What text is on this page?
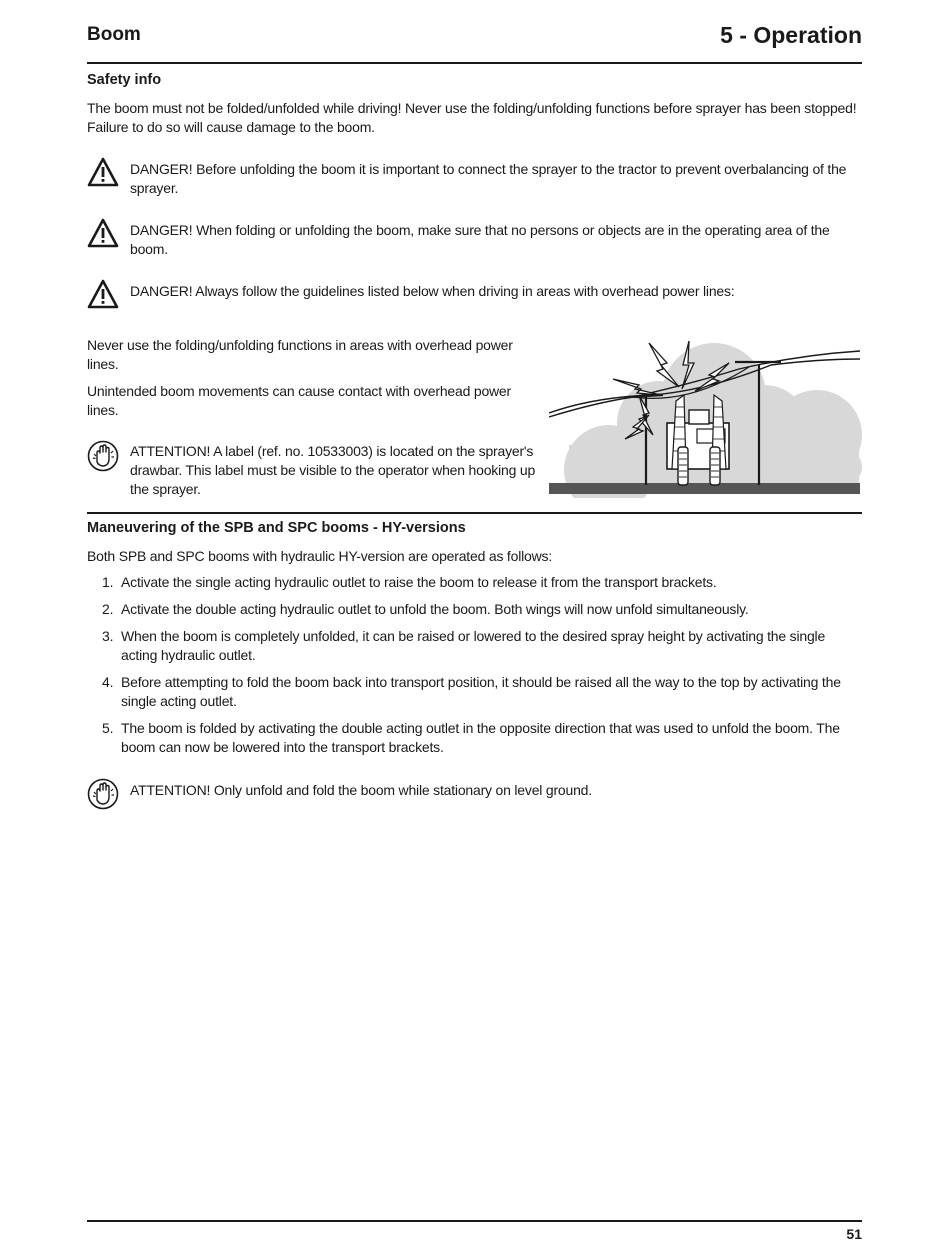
Boom	5 - Operation
Safety info
The boom must not be folded/unfolded while driving! Never use the folding/unfolding functions before sprayer has been stopped! Failure to do so will cause damage to the boom.
DANGER! Before unfolding the boom it is important to connect the sprayer to the tractor to prevent overbalancing of the sprayer.
DANGER! When folding or unfolding the boom, make sure that no persons or objects are in the operating area of the boom.
DANGER! Always follow the guidelines listed below when driving in areas with overhead power lines:
Never use the folding/unfolding functions in areas with overhead power lines.
Unintended boom movements can cause contact with overhead power lines.
ATTENTION! A label (ref. no. 10533003) is located on the sprayer's drawbar. This label must be visible to the operator when hooking up the sprayer.
Maneuvering of the SPB and SPC booms - HY-versions
Both SPB and SPC booms with hydraulic HY-version are operated as follows:
1. Activate the single acting hydraulic outlet to raise the boom to release it from the transport brackets.
2. Activate the double acting hydraulic outlet to unfold the boom. Both wings will now unfold simultaneously.
3. When the boom is completely unfolded, it can be raised or lowered to the desired spray height by activating the single acting hydraulic outlet.
4. Before attempting to fold the boom back into transport position, it should be raised all the way to the top by activating the single acting outlet.
5. The boom is folded by activating the double acting outlet in the opposite direction that was used to unfold the boom. The boom can now be lowered into the transport brackets.
ATTENTION! Only unfold and fold the boom while stationary on level ground.
51
